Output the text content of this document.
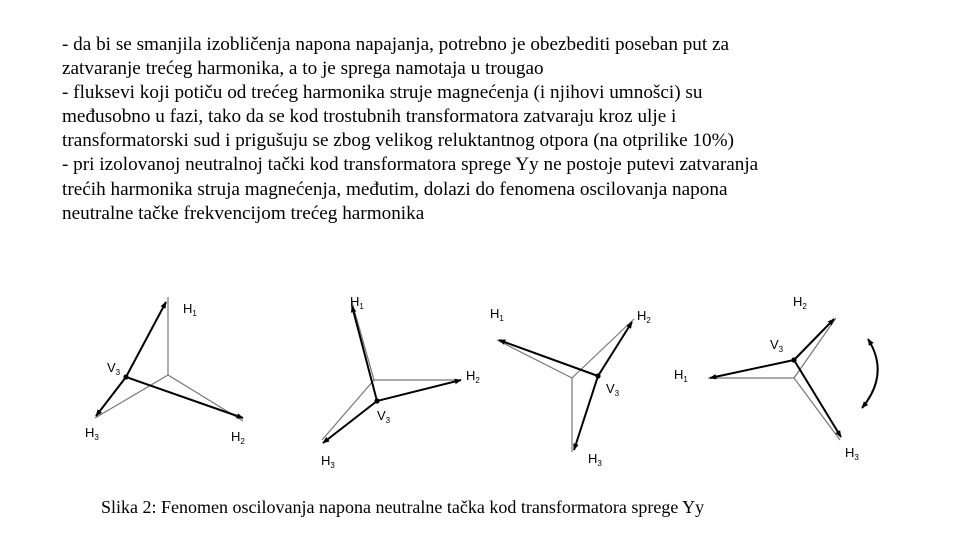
- da bi se smanjila izobličenja napona napajanja, potrebno je obezbediti poseban put za
zatvaranje trećeg harmonika, a to je sprega namotaja u trougao
- fluksevi koji potiču od trećeg harmonika struje magnećenja (i njihovi umnošci) su
međusobno u fazi, tako da se kod trostubnih transformatora zatvaraju kroz ulje i
transformatorski sud i prigušuju se zbog velikog reluktantnog otpora (na otprilike 10%)
- pri izolovanoj neutralnoj tački kod transformatora sprege Yy ne postoje putevi zatvaranja
trećih harmonika struja magnećenja, međutim, dolazi do fenomena oscilovanja napona
neutralne tačke frekvencijom trećeg harmonika
$H_1$
$H_2$
$H_3$
$V_3$
$H_1$
$H_2$
$H_3$
$V_3$
$H_1$	$H_2$
$H_3$
$V_3$
$H_1$
$H_2$
$H_3$
$V_3$
Slika 2: Fenomen oscilovanja napona neutralne tačka kod transformatora sprege Yy
